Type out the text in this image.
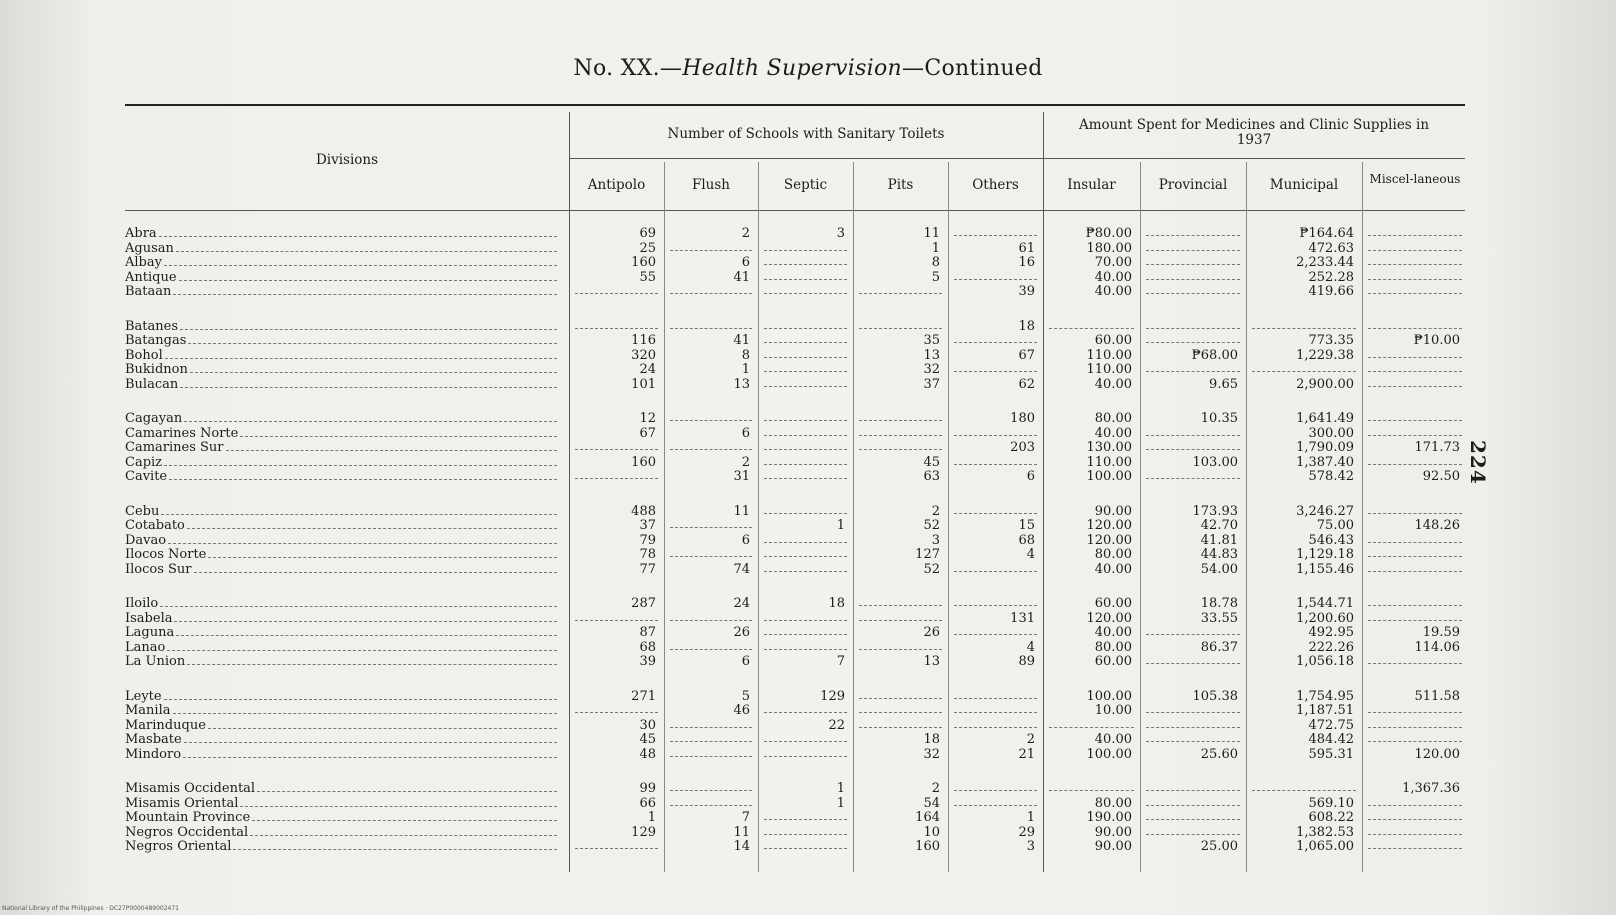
No. XX.—Health Supervision—Continued
224
Divisions
Number of Schools with Sanitary Toilets
Amount Spent for Medicines and Clinic Supplies in 1937
Antipolo	Flush	Septic	Pits	Others	Insular	Provincial	Municipal	Miscel-laneous
Abra	69	2	3	11		₱80.00		₱164.64	

Agusan	25			1	61	180.00		472.63	

Albay	160	6		8	16	70.00		2,233.44	

Antique	55	41		5		40.00		252.28	

Bataan					39	40.00		419.66	

Batanes					18				

Batangas	116	41		35		60.00		773.35	₱10.00

Bohol	320	8		13	67	110.00	₱68.00	1,229.38	

Bukidnon	24	1		32		110.00			

Bulacan	101	13		37	62	40.00	9.65	2,900.00	

Cagayan	12				180	80.00	10.35	1,641.49	

Camarines Norte	67	6				40.00		300.00	

Camarines Sur					203	130.00		1,790.09	171.73

Capiz	160	2		45		110.00	103.00	1,387.40	

Cavite		31		63	6	100.00		578.42	92.50

Cebu	488	11		2		90.00	173.93	3,246.27	

Cotabato	37		1	52	15	120.00	42.70	75.00	148.26

Davao	79	6		3	68	120.00	41.81	546.43	

Ilocos Norte	78			127	4	80.00	44.83	1,129.18	

Ilocos Sur	77	74		52		40.00	54.00	1,155.46	

Iloilo	287	24	18			60.00	18.78	1,544.71	

Isabela					131	120.00	33.55	1,200.60	

Laguna	87	26		26		40.00		492.95	19.59

Lanao	68				4	80.00	86.37	222.26	114.06

La Union	39	6	7	13	89	60.00		1,056.18	

Leyte	271	5	129			100.00	105.38	1,754.95	511.58

Manila		46				10.00		1,187.51	

Marinduque	30		22					472.75	

Masbate	45			18	2	40.00		484.42	

Mindoro	48			32	21	100.00	25.60	595.31	120.00

Misamis Occidental	99		1	2					1,367.36

Misamis Oriental	66		1	54		80.00		569.10	

Mountain Province	1	7		164	1	190.00		608.22	

Negros Occidental	129	11		10	29	90.00		1,382.53	

Negros Oriental		14		160	3	90.00	25.00	1,065.00	

National Library of the Philippines · DC27P0000489002471
